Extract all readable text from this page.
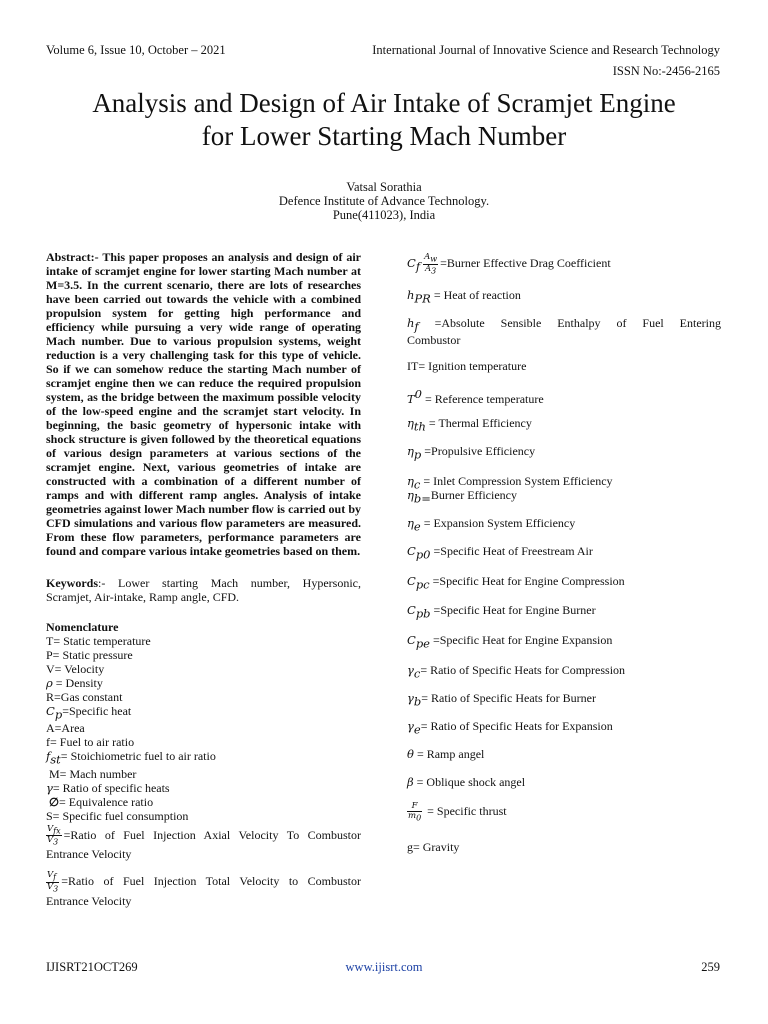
Volume 6, Issue 10, October – 2021	International Journal of Innovative Science and Research Technology
ISSN No:-2456-2165
Analysis and Design of Air Intake of Scramjet Engine
for Lower Starting Mach Number
Vatsal Sorathia
Defence Institute of Advance Technology.
Pune(411023), India

Abstract:- This paper proposes an analysis and design of air intake of scramjet engine for lower starting Mach number at M=3.5. In the current scenario, there are lots of researches have been carried out towards the vehicle with a combined propulsion system for getting high performance and efficiency while pursuing a very wide range of operating Mach number. Due to various propulsion systems, weight reduction is a very challenging task for this type of vehicle. So if we can somehow reduce the starting Mach number of scramjet engine then we can reduce the required propulsion system, as the bridge between the maximum possible velocity of the low-speed engine and the scramjet start velocity. In beginning, the basic geometry of hypersonic intake with shock structure is given followed by the theoretical equations of various design parameters at various sections of the scramjet engine. Next, various geometries of intake are constructed with a combination of a different number of ramps and with different ramp angles. Analysis of intake geometries against lower Mach number flow is carried out by CFD simulations and various flow parameters are measured. From these flow parameters, performance parameters are found and compare various intake geometries based on them.

Keywords:- Lower starting Mach number, Hypersonic, Scramjet, Air-intake, Ramp angle, CFD.

Nomenclature
T= Static temperature
P= Static pressure
V= Velocity
ρ = Density
R=Gas constant
$C_p=Specific$ heat
A=Area
f= Fuel to air ratio
$f_{st}=$ Stoichiometric fuel to air ratio
M= Mach number
γ= Ratio of specific heats
∅= Equivalence ratio
S= Specific fuel consumption
$\frac{V_{fx}}{V_3}$ =Ratio of Fuel Injection Axial Velocity To Combustor
Entrance Velocity
$\frac{V_f}{V_3}$ =Ratio of Fuel Injection Total Velocity to Combustor
Entrance Velocity
$C_f \frac{A_w}{A_3}$ =Burner Effective Drag Coefficient
$h_{PR}$ = Heat of reaction
$h_f$ =Absolute Sensible Enthalpy of Fuel Entering
Combustor
IT= Ignition temperature
$T^0$ = Reference temperature
$\eta_{th}$ = Thermal Efficiency
$\eta_p$ =Propulsive Efficiency
$\eta_c$ = Inlet Compression System Efficiency
$\eta_{b=}Burner$ Efficiency
$\eta_e$ = Expansion System Efficiency
$C_{p0}$ =Specific Heat of Freestream Air
$C_{pc}$ =Specific Heat for Engine Compression
$C_{pb}$ =Specific Heat for Engine Burner
$C_{pe}$ =Specific Heat for Engine Expansion
$\gamma_c=$ Ratio of Specific Heats for Compression
$\gamma_b=$ Ratio of Specific Heats for Burner
$\gamma_e=$ Ratio of Specific Heats for Expansion
θ = Ramp angel
β = Oblique shock angel
$\frac{F}{m_0}$ = Specific thrust
g= Gravity
IJISRT21OCT269	www.ijisrt.com	259
